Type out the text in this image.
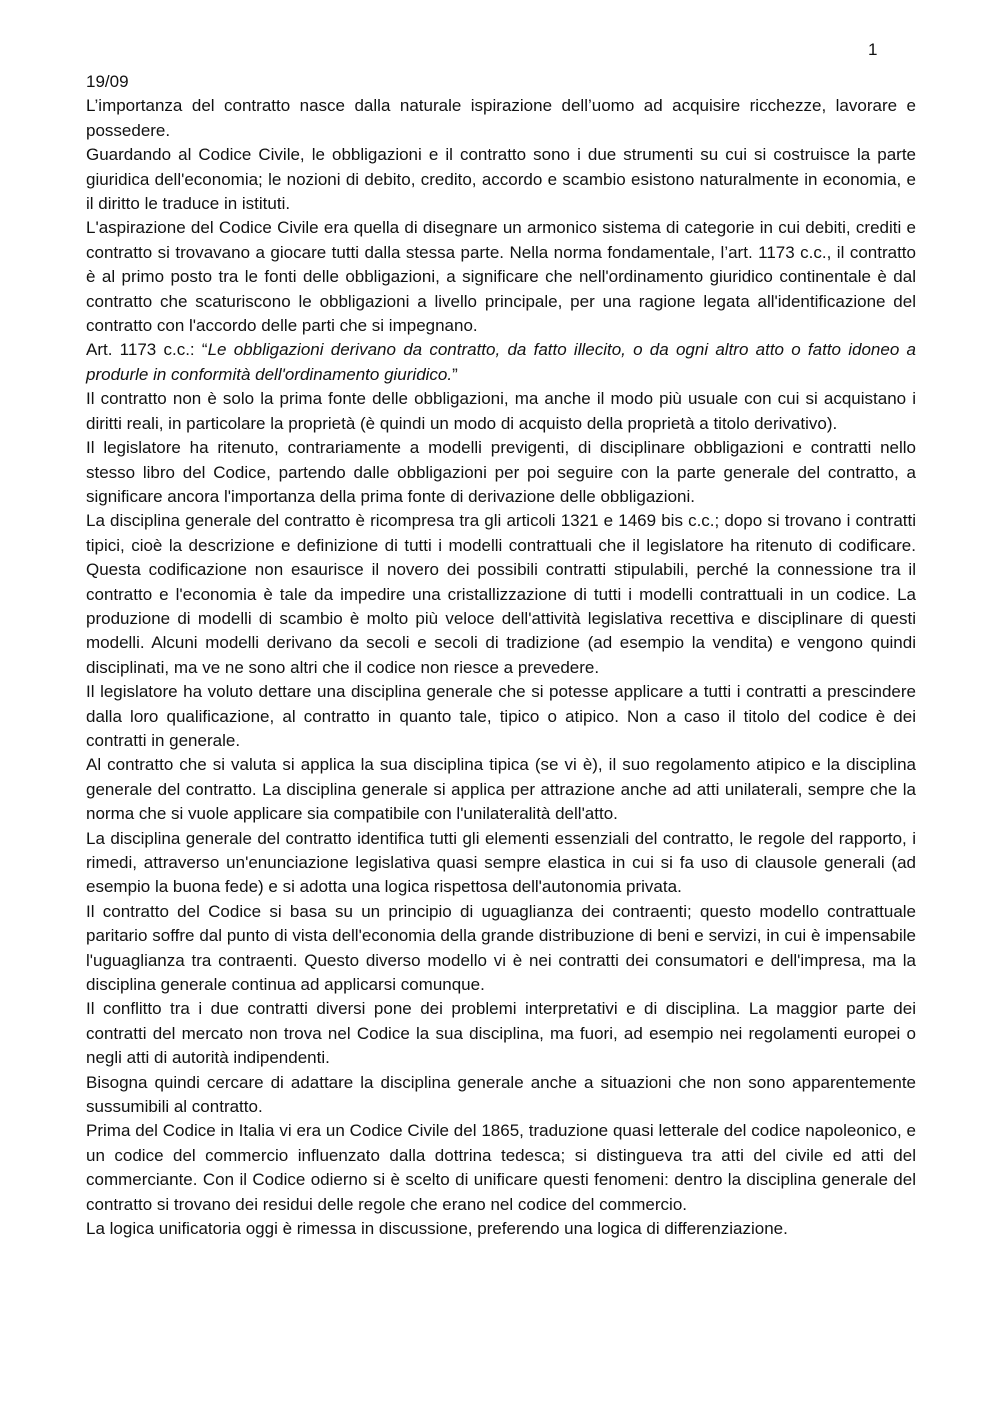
1

19/09

L’importanza del contratto nasce dalla naturale ispirazione dell’uomo ad acquisire ricchezze, lavorare e possedere.

Guardando al Codice Civile, le obbligazioni e il contratto sono i due strumenti su cui si costruisce la parte giuridica dell'economia; le nozioni di debito, credito, accordo e scambio esistono naturalmente in economia, e il diritto le traduce in istituti.

L'aspirazione del Codice Civile era quella di disegnare un armonico sistema di categorie in cui debiti, crediti e contratto si trovavano a giocare tutti dalla stessa parte. Nella norma fondamentale, l’art. 1173 c.c., il contratto è al primo posto tra le fonti delle obbligazioni, a significare che nell'ordinamento giuridico continentale è dal contratto che scaturiscono le obbligazioni a livello principale, per una ragione legata all'identificazione del contratto con l'accordo delle parti che si impegnano.

Art. 1173 c.c.: “Le obbligazioni derivano da contratto, da fatto illecito, o da ogni altro atto o fatto idoneo a produrle in conformità dell'ordinamento giuridico.”

Il contratto non è solo la prima fonte delle obbligazioni, ma anche il modo più usuale con cui si acquistano i diritti reali, in particolare la proprietà (è quindi un modo di acquisto della proprietà a titolo derivativo).

Il legislatore ha ritenuto, contrariamente a modelli previgenti, di disciplinare obbligazioni e contratti nello stesso libro del Codice, partendo dalle obbligazioni per poi seguire con la parte generale del contratto, a significare ancora l'importanza della prima fonte di derivazione delle obbligazioni.

La disciplina generale del contratto è ricompresa tra gli articoli 1321 e 1469 bis c.c.; dopo si trovano i contratti tipici, cioè la descrizione e definizione di tutti i modelli contrattuali che il legislatore ha ritenuto di codificare. Questa codificazione non esaurisce il novero dei possibili contratti stipulabili, perché la connessione tra il contratto e l'economia è tale da impedire una cristallizzazione di tutti i modelli contrattuali in un codice. La produzione di modelli di scambio è molto più veloce dell'attività legislativa recettiva e disciplinare di questi modelli. Alcuni modelli derivano da secoli e secoli di tradizione (ad esempio la vendita) e vengono quindi disciplinati, ma ve ne sono altri che il codice non riesce a prevedere.

Il legislatore ha voluto dettare una disciplina generale che si potesse applicare a tutti i contratti a prescindere dalla loro qualificazione, al contratto in quanto tale, tipico o atipico. Non a caso il titolo del codice è dei contratti in generale.

Al contratto che si valuta si applica la sua disciplina tipica (se vi è), il suo regolamento atipico e la disciplina generale del contratto. La disciplina generale si applica per attrazione anche ad atti unilaterali, sempre che la norma che si vuole applicare sia compatibile con l'unilateralità dell'atto.

La disciplina generale del contratto identifica tutti gli elementi essenziali del contratto, le regole del rapporto, i rimedi, attraverso un'enunciazione legislativa quasi sempre elastica in cui si fa uso di clausole generali (ad esempio la buona fede) e si adotta una logica rispettosa dell'autonomia privata.

Il contratto del Codice si basa su un principio di uguaglianza dei contraenti; questo modello contrattuale paritario soffre dal punto di vista dell'economia della grande distribuzione di beni e servizi, in cui è impensabile l'uguaglianza tra contraenti. Questo diverso modello vi è nei contratti dei consumatori e dell'impresa, ma la disciplina generale continua ad applicarsi comunque.

Il conflitto tra i due contratti diversi pone dei problemi interpretativi e di disciplina. La maggior parte dei contratti del mercato non trova nel Codice la sua disciplina, ma fuori, ad esempio nei regolamenti europei o negli atti di autorità indipendenti.

Bisogna quindi cercare di adattare la disciplina generale anche a situazioni che non sono apparentemente sussumibili al contratto.

Prima del Codice in Italia vi era un Codice Civile del 1865, traduzione quasi letterale del codice napoleonico, e un codice del commercio influenzato dalla dottrina tedesca; si distingueva tra atti del civile ed atti del commerciante. Con il Codice odierno si è scelto di unificare questi fenomeni: dentro la disciplina generale del contratto si trovano dei residui delle regole che erano nel codice del commercio.

La logica unificatoria oggi è rimessa in discussione, preferendo una logica di differenziazione.
